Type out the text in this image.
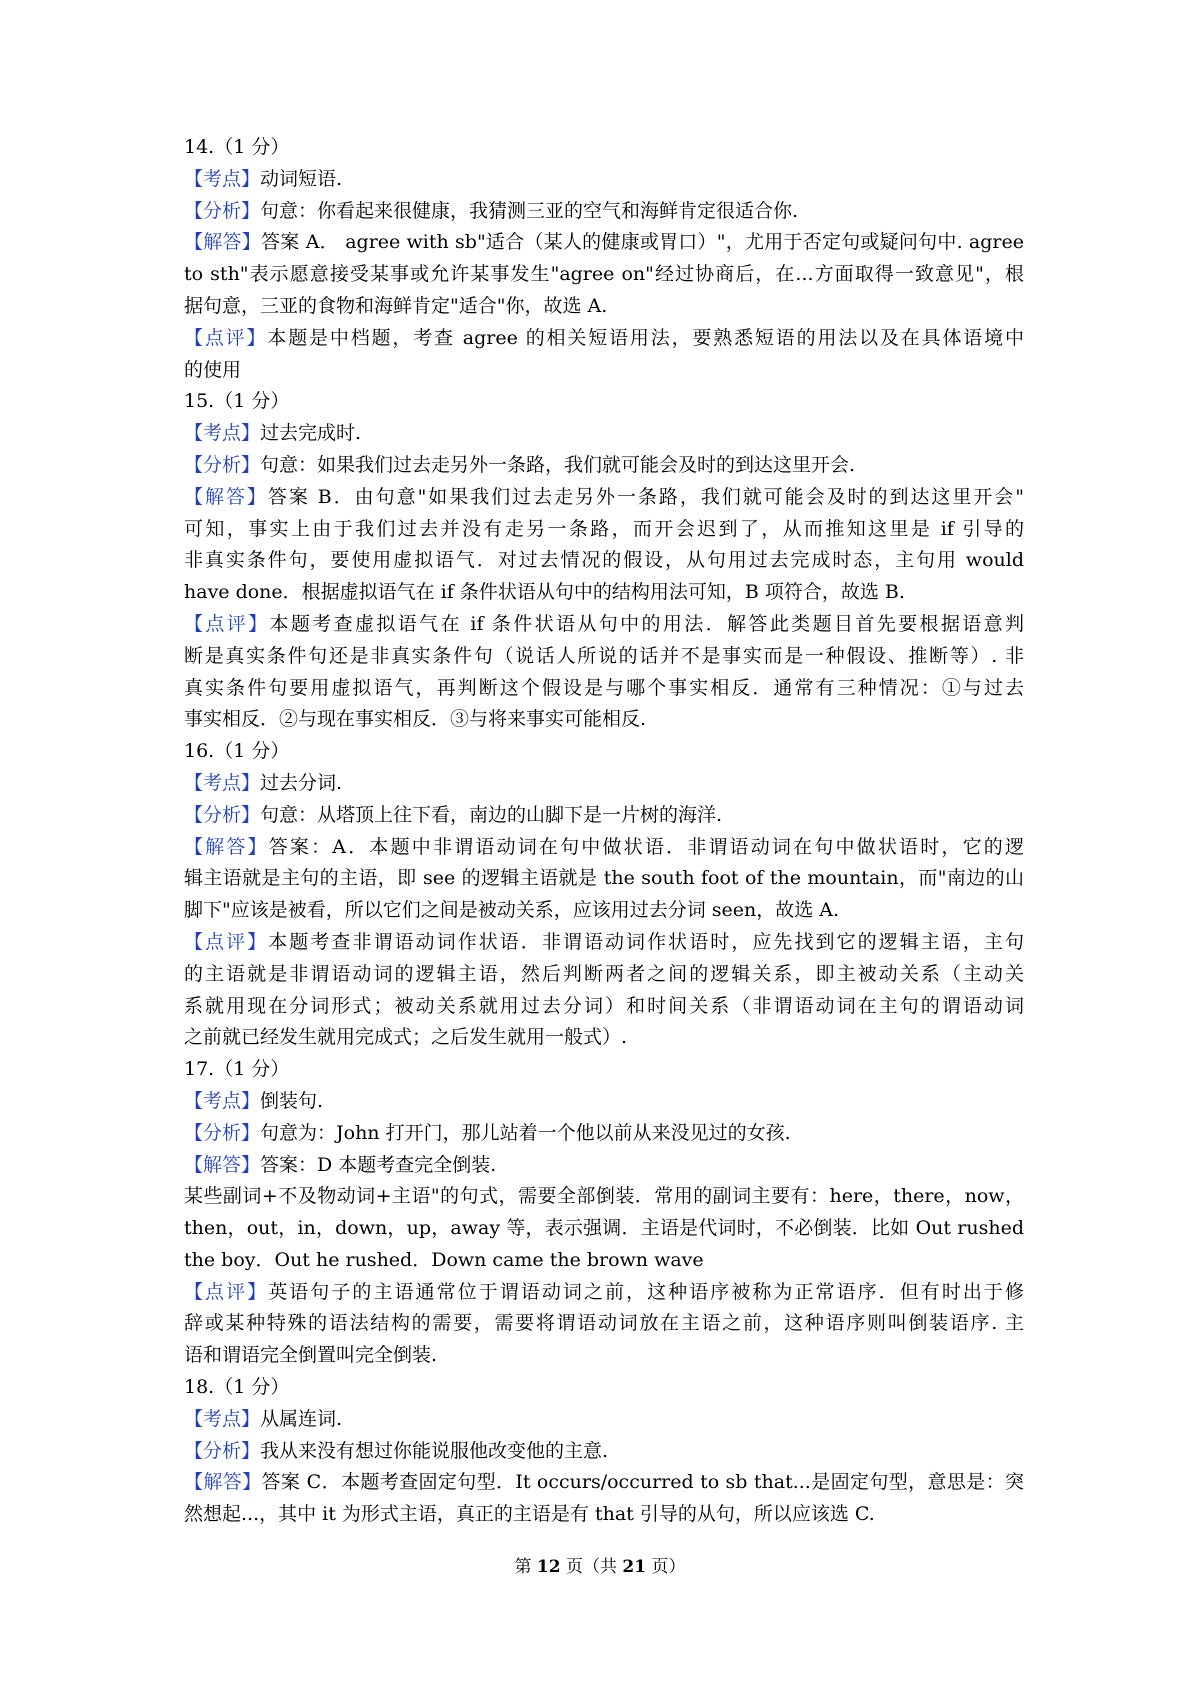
14.（1 分）
【考点】动词短语.
【分析】句意：你看起来很健康，我猜测三亚的空气和海鲜肯定很适合你.
【解答】答案 A． agree with sb"适合（某人的健康或胃口）"，尤用于否定句或疑问句中. agree
to sth"表示愿意接受某事或允许某事发生"agree on"经过协商后，在...方面取得一致意见"，根
据句意，三亚的食物和海鲜肯定"适合"你，故选 A.
【点评】本题是中档题，考查 agree 的相关短语用法，要熟悉短语的用法以及在具体语境中
的使用
15.（1 分）
【考点】过去完成时.
【分析】句意：如果我们过去走另外一条路，我们就可能会及时的到达这里开会.
【解答】答案 B．由句意"如果我们过去走另外一条路，我们就可能会及时的到达这里开会"
可知，事实上由于我们过去并没有走另一条路，而开会迟到了，从而推知这里是 if 引导的
非真实条件句，要使用虚拟语气．对过去情况的假设，从句用过去完成时态，主句用 would
have done．根据虚拟语气在 if 条件状语从句中的结构用法可知，B 项符合，故选 B.
【点评】本题考查虚拟语气在 if 条件状语从句中的用法．解答此类题目首先要根据语意判
断是真实条件句还是非真实条件句（说话人所说的话并不是事实而是一种假设、推断等）. 非
真实条件句要用虚拟语气，再判断这个假设是与哪个事实相反．通常有三种情况：①与过去
事实相反．②与现在事实相反．③与将来事实可能相反.
16.（1 分）
【考点】过去分词.
【分析】句意：从塔顶上往下看，南边的山脚下是一片树的海洋.
【解答】答案：A．本题中非谓语动词在句中做状语．非谓语动词在句中做状语时，它的逻
辑主语就是主句的主语，即 see 的逻辑主语就是 the south foot of the mountain，而"南边的山
脚下"应该是被看，所以它们之间是被动关系，应该用过去分词 seen，故选 A.
【点评】本题考查非谓语动词作状语．非谓语动词作状语时，应先找到它的逻辑主语，主句
的主语就是非谓语动词的逻辑主语，然后判断两者之间的逻辑关系，即主被动关系（主动关
系就用现在分词形式；被动关系就用过去分词）和时间关系（非谓语动词在主句的谓语动词
之前就已经发生就用完成式；之后发生就用一般式）.
17.（1 分）
【考点】倒装句.
【分析】句意为：John 打开门，那儿站着一个他以前从来没见过的女孩.
【解答】答案：D 本题考查完全倒装.
某些副词+不及物动词+主语"的句式，需要全部倒装．常用的副词主要有：here，there，now，
then，out，in，down，up，away 等，表示强调．主语是代词时，不必倒装．比如 Out rushed
the boy．Out he rushed．Down came the brown wave
【点评】英语句子的主语通常位于谓语动词之前，这种语序被称为正常语序．但有时出于修
辞或某种特殊的语法结构的需要，需要将谓语动词放在主语之前，这种语序则叫倒装语序. 主
语和谓语完全倒置叫完全倒装.
18.（1 分）
【考点】从属连词.
【分析】我从来没有想过你能说服他改变他的主意.
【解答】答案 C．本题考查固定句型．It occurs/occurred to sb that...是固定句型，意思是：突
然想起...，其中 it 为形式主语，真正的主语是有 that 引导的从句，所以应该选 C.
第 12 页（共 21 页）
